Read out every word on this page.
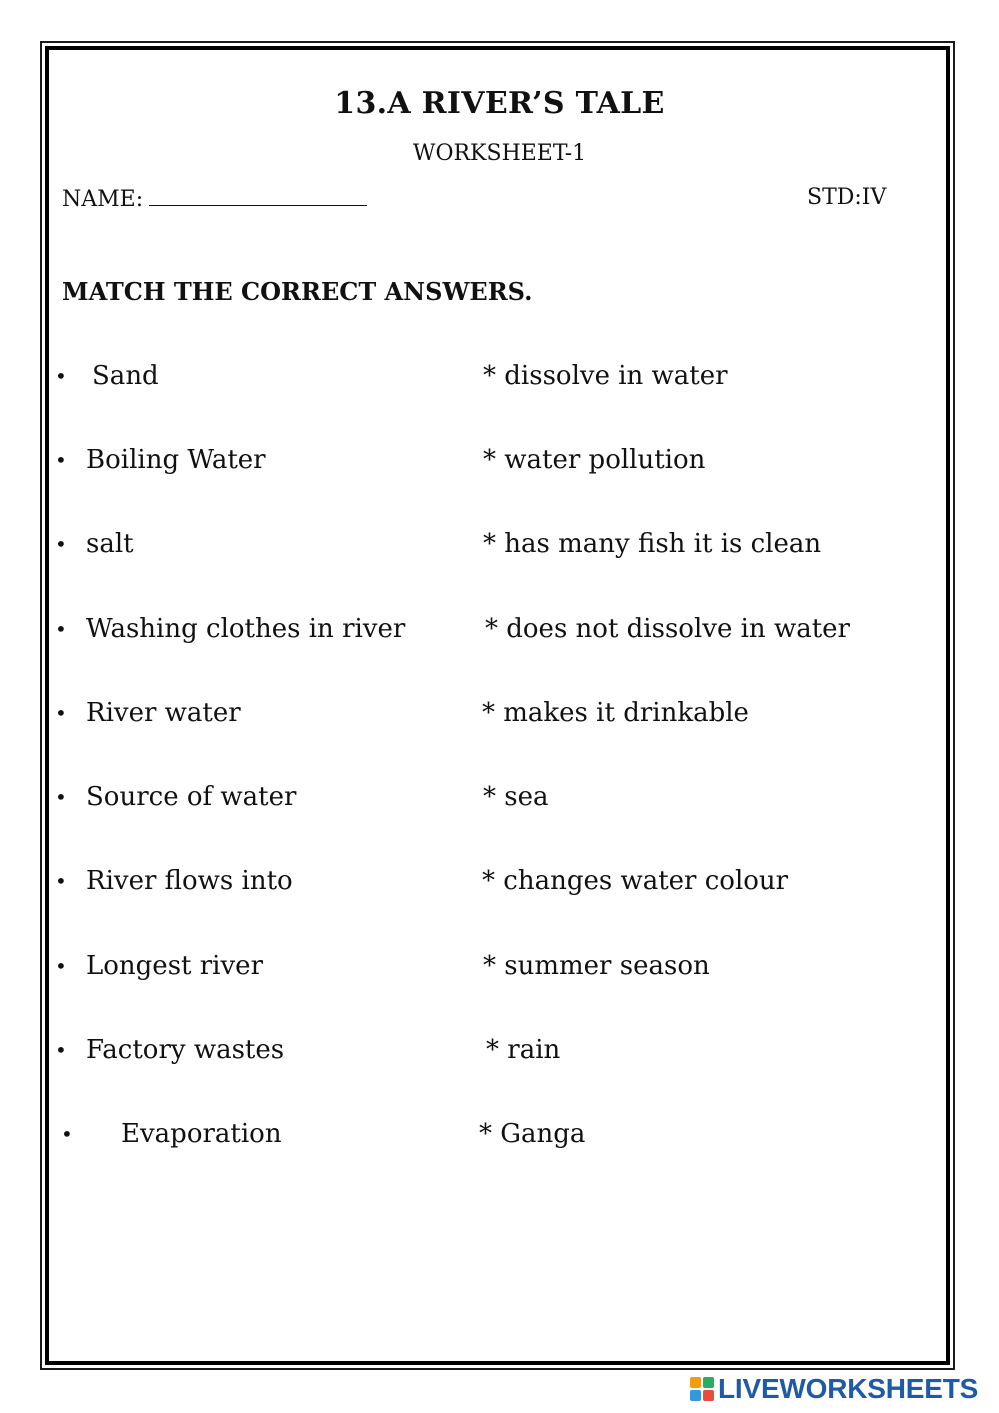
13.A RIVER’S TALE
WORKSHEET-1
NAME:	STD:IV
MATCH THE CORRECT ANSWERS.
• Sand	* dissolve in water
• Boiling Water	* water pollution
• salt	* has many fish it is clean
• Washing clothes in river	* does not dissolve in water
• River water	* makes it drinkable
• Source of water	* sea
• River flows into	* changes water colour
• Longest river	* summer season
• Factory wastes	* rain
• Evaporation	* Ganga
LIVEWORKSHEETS
